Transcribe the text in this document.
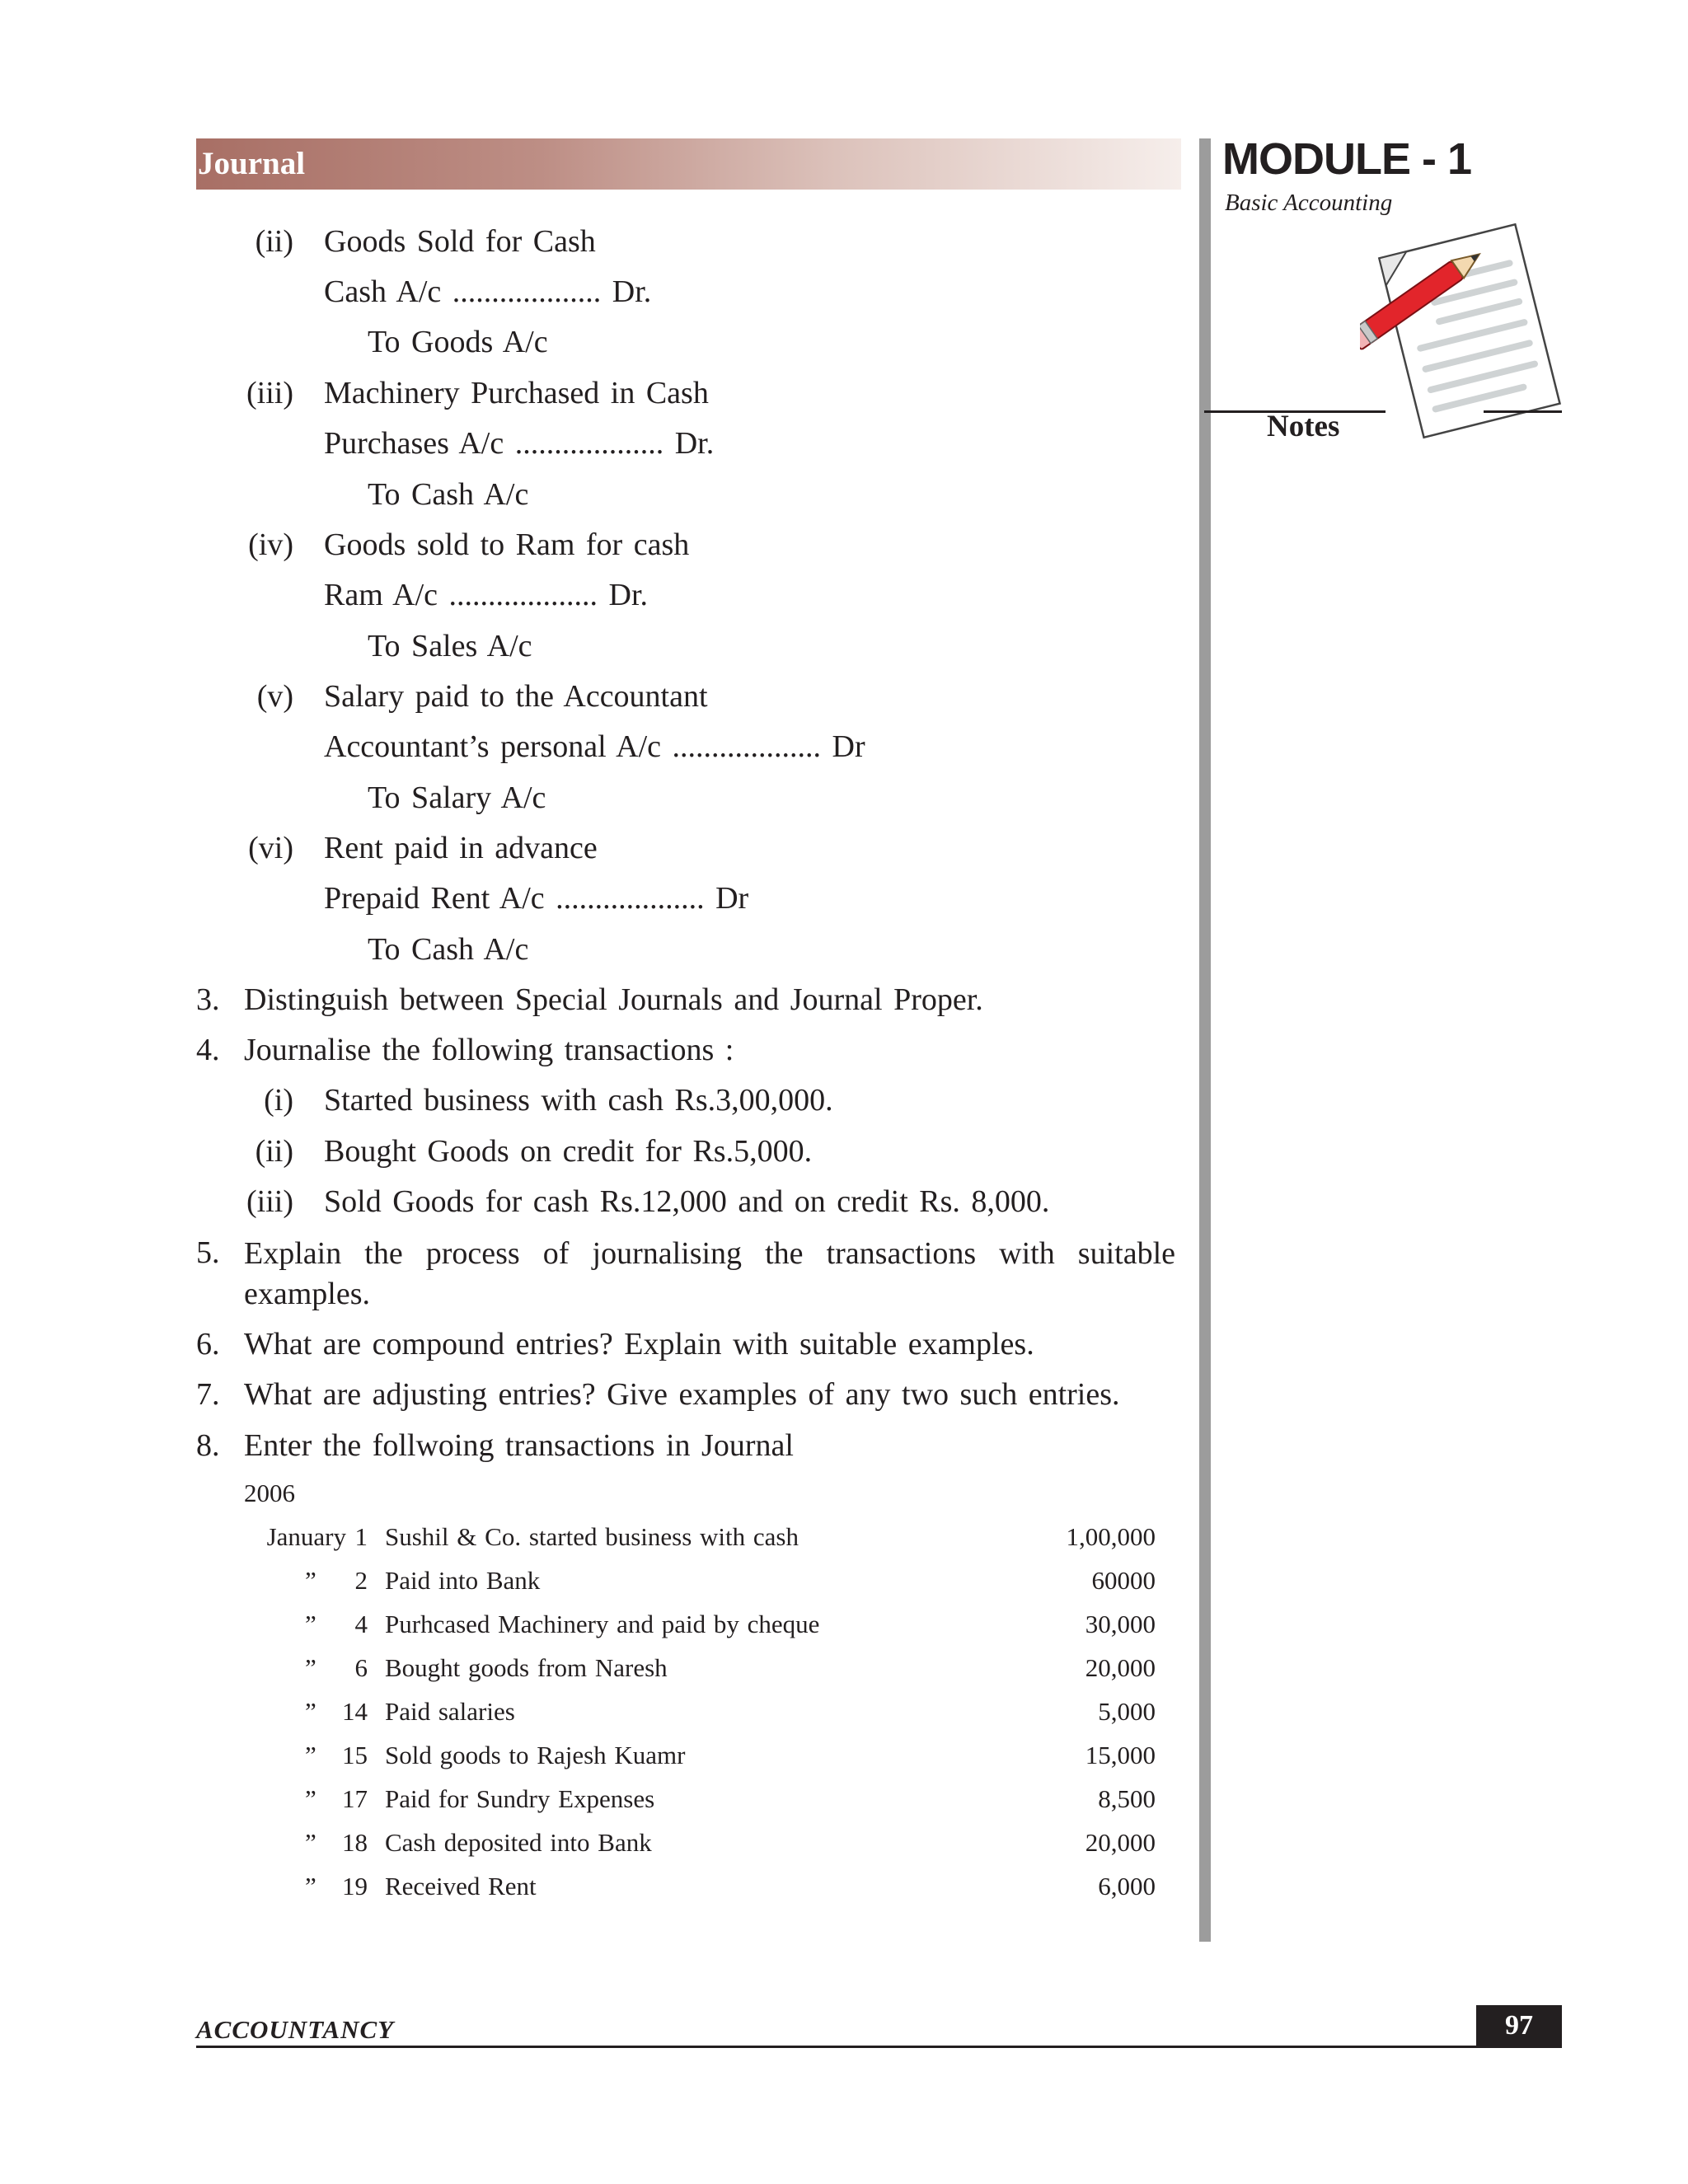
Journal	MODULE - 1
Basic Accounting
Notes
(ii) Goods Sold for Cash
Cash A/c ................... Dr.
To Goods A/c
(iii) Machinery Purchased in Cash
Purchases A/c ................... Dr.
To Cash A/c
(iv) Goods sold to Ram for cash
Ram A/c ................... Dr.
To Sales A/c
(v) Salary paid to the Accountant
Accountant’s personal A/c ................... Dr
To Salary A/c
(vi) Rent paid in advance
Prepaid Rent A/c ................... Dr
To Cash A/c
3. Distinguish between Special Journals and Journal Proper.
4. Journalise the following transactions :
(i) Started business with cash Rs.3,00,000.
(ii) Bought Goods on credit for Rs.5,000.
(iii) Sold Goods for cash Rs.12,000 and on credit Rs. 8,000.
5. Explain the process of journalising the transactions with suitable examples.
6. What are compound entries? Explain with suitable examples.
7. What are adjusting entries? Give examples of any two such entries.
8. Enter the follwoing transactions in Journal
2006
January 1 Sushil & Co. started business with cash	1,00,000
”	2 Paid into Bank	60000
”	4 Purhcased Machinery and paid by cheque	30,000
”	6 Bought goods from Naresh	20,000
”	14 Paid salaries	5,000
”	15 Sold goods to Rajesh Kuamr	15,000
”	17 Paid for Sundry Expenses	8,500
”	18 Cash deposited into Bank	20,000
”	19 Received Rent	6,000
ACCOUNTANCY	97
